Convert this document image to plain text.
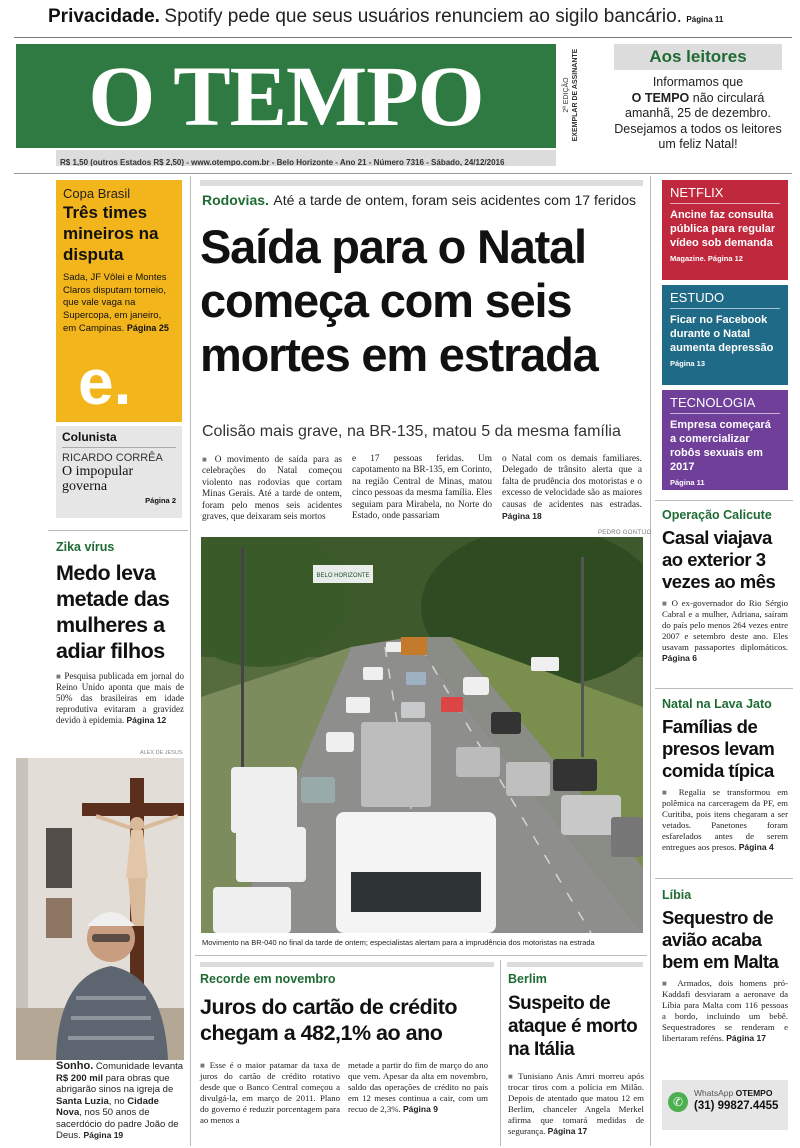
Privacidade. Spotify pede que seus usuários renunciem ao sigilo bancário. Página 11
O TEMPO	2ª EDIÇÃO EXEMPLAR DE ASSINANTE
R$ 1,50 (outros Estados R$ 2,50) - www.otempo.com.br - Belo Horizonte - Ano 21 - Número 7316 - Sábado, 24/12/2016
Aos leitores
Informamos que
O TEMPO não circulará amanhã, 25 de dezembro. Desejamos a todos os leitores um feliz Natal!
Copa Brasil
Três times mineiros na disputa
Sada, JF Vôlei e Montes Claros disputam torneio, que vale vaga na Supercopa, em janeiro, em Campinas. Página 25
e.
Colunista
RICARDO CORRÊA
O impopular governa
Página 2
Zika vírus
Medo leva metade das mulheres a adiar filhos
■ Pesquisa publicada em jornal do Reino Unido aponta que mais de 50% das brasileiras em idade reprodutiva evitaram a gravidez devido à epidemia. Página 12
ALEX DE JESUS
Sonho. Comunidade levanta R$ 200 mil para obras que abrigarão sinos na igreja de Santa Luzia, no Cidade Nova, nos 50 anos de sacerdócio do padre João de Deus. Página 19
Rodovias. Até a tarde de ontem, foram seis acidentes com 17 feridos
Saída para o Natal
começa com seis
mortes em estrada
Colisão mais grave, na BR-135, matou 5 da mesma família
■ O movimento de saída para as celebrações do Natal começou violento nas rodovias que cortam Minas Gerais. Até a tarde de ontem, foram pelo menos seis acidentes graves, que deixaram seis mortos
e 17 pessoas feridas. Um capotamento na BR-135, em Corinto, na região Central de Minas, matou cinco pessoas da mesma família. Eles seguiam para Mirabela, no Norte do Estado, onde passariam
o Natal com os demais familiares. Delegado de trânsito alerta que a falta de prudência dos motoristas e o excesso de velocidade são as maiores causas de acidentes nas estradas. Página 18
PEDRO GONTIJO
BELO HORIZONTE
Movimento na BR-040 no final da tarde de ontem; especialistas alertam para a imprudência dos motoristas na estrada
Recorde em novembro
Juros do cartão de crédito chegam a 482,1% ao ano
■ Esse é o maior patamar da taxa de juros do cartão de crédito rotativo desde que o Banco Central começou a divulgá-la, em março de 2011. Plano do governo é reduzir porcentagem para ao menos a
metade a partir do fim de março do ano que vem. Apesar da alta em novembro, saldo das operações de crédito no país em 12 meses continua a cair, com um recuo de 2,3%. Página 9
Berlim
Suspeito de ataque é morto na Itália
■ Tunisiano Anis Amri morreu após trocar tiros com a polícia em Milão. Depois de atentado que matou 12 em Berlim, chanceler Angela Merkel afirma que tomará medidas de segurança. Página 17
NETFLIX
Ancine faz consulta pública para regular vídeo sob demanda
Magazine. Página 12
ESTUDO
Ficar no Facebook durante o Natal aumenta depressão
Página 13
TECNOLOGIA
Empresa começará a comercializar robôs sexuais em 2017
Página 11
Operação Calicute
Casal viajava ao exterior 3 vezes ao mês
■ O ex-governador do Rio Sérgio Cabral e a mulher, Adriana, saíram do país pelo menos 264 vezes entre 2007 e setembro deste ano. Eles usavam passaportes diplomáticos. Página 6
Natal na Lava Jato
Famílias de presos levam comida típica
■ Regalia se transformou em polêmica na carceragem da PF, em Curitiba, pois itens chegaram a ser vetados. Panetones foram esfarelados antes de serem entregues aos presos. Página 4
Líbia
Sequestro de avião acaba bem em Malta
■ Armados, dois homens pró-Kaddafi desviaram a aeronave da Líbia para Malta com 116 pessoas a bordo, incluindo um bebê. Sequestradores se renderam e libertaram reféns. Página 17
✆
WhatsApp OTEMPO
(31) 99827.4455
